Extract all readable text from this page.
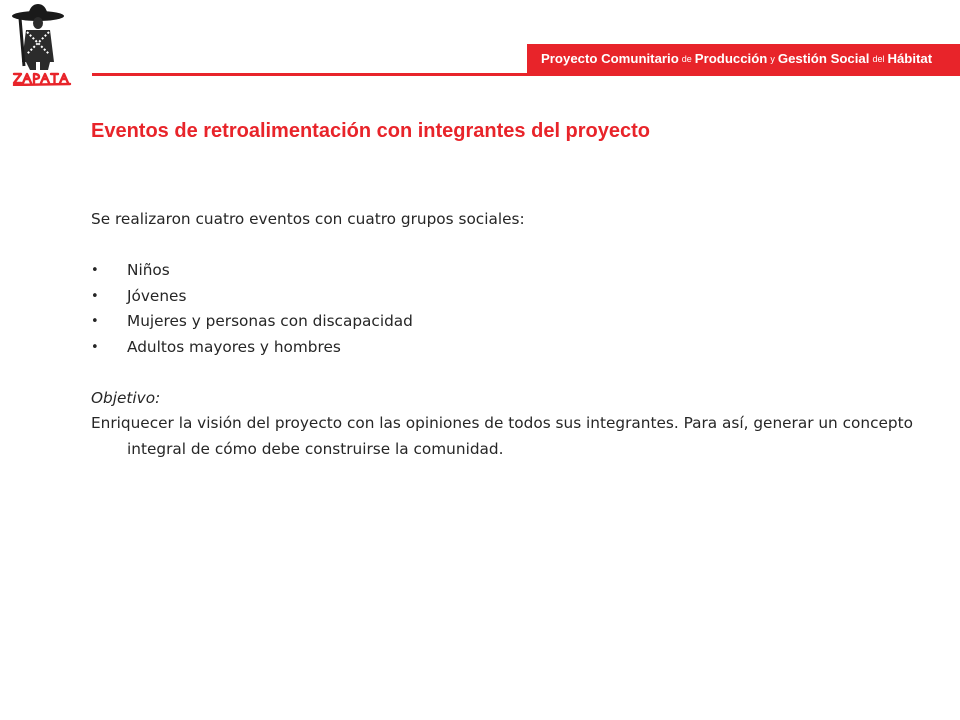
Proyecto Comunitario de Producción y Gestión Social del Hábitat
Eventos de retroalimentación con integrantes del proyecto

Se realizaron cuatro eventos con cuatro grupos sociales:

• Niños
• Jóvenes
• Mujeres y personas con discapacidad
• Adultos mayores y hombres

Objetivo:

Enriquecer la visión del proyecto con las opiniones de todos sus integrantes. Para así, generar un concepto integral de cómo debe construirse la comunidad.
